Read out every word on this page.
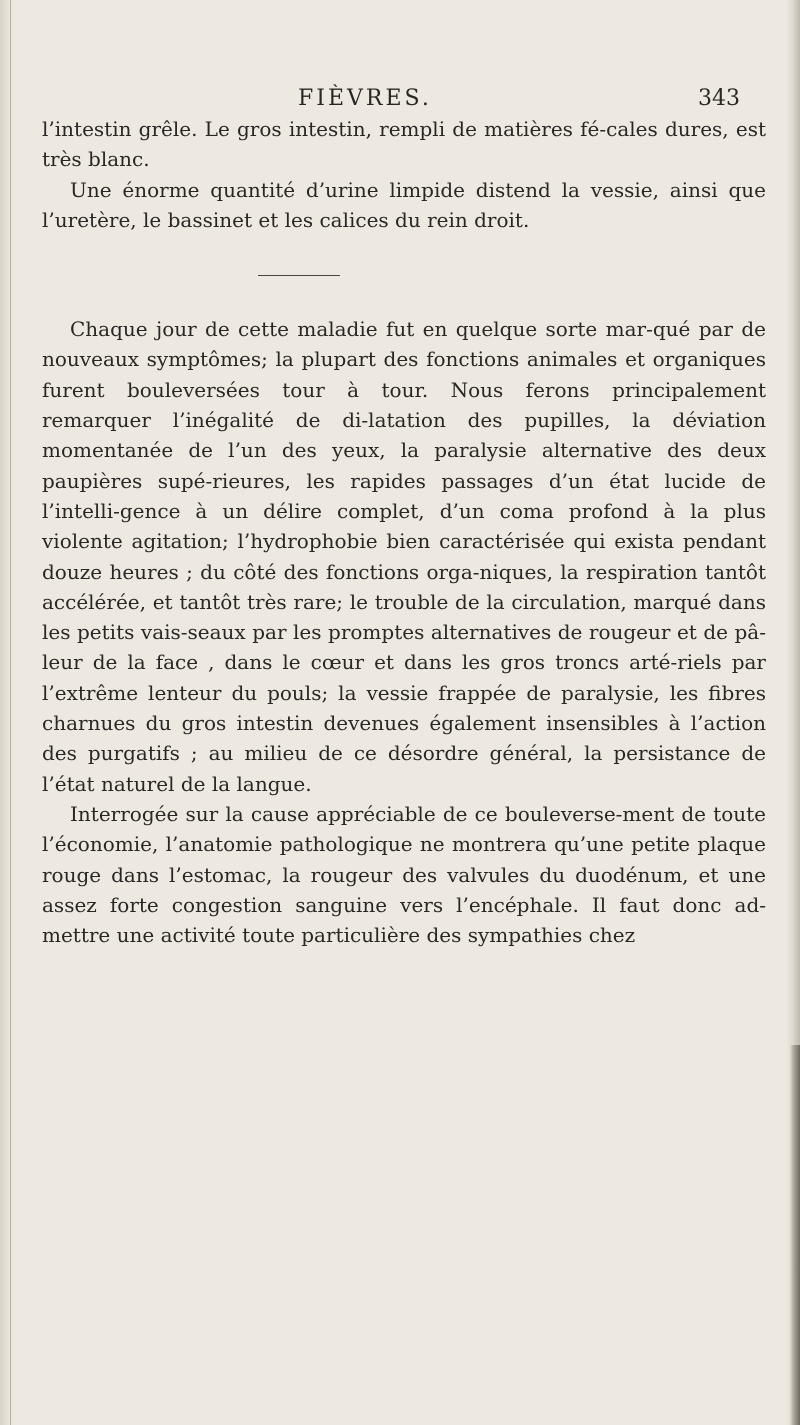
FIÈVRES.	343

l’intestin grêle. Le gros intestin, rempli de matières fé-cales dures, est très blanc.

Une énorme quantité d’urine limpide distend la vessie, ainsi que l’uretère, le bassinet et les calices du rein droit.

Chaque jour de cette maladie fut en quelque sorte mar-qué par de nouveaux symptômes; la plupart des fonctions animales et organiques furent bouleversées tour à tour. Nous ferons principalement remarquer l’inégalité de di-latation des pupilles, la déviation momentanée de l’un des yeux, la paralysie alternative des deux paupières supé-rieures, les rapides passages d’un état lucide de l’intelli-gence à un délire complet, d’un coma profond à la plus violente agitation; l’hydrophobie bien caractérisée qui exista pendant douze heures ; du côté des fonctions orga-niques, la respiration tantôt accélérée, et tantôt très rare; le trouble de la circulation, marqué dans les petits vais-seaux par les promptes alternatives de rougeur et de pâ-leur de la face , dans le cœur et dans les gros troncs arté-riels par l’extrême lenteur du pouls; la vessie frappée de paralysie, les fibres charnues du gros intestin devenues également insensibles à l’action des purgatifs ; au milieu de ce désordre général, la persistance de l’état naturel de la langue.

Interrogée sur la cause appréciable de ce bouleverse-ment de toute l’économie, l’anatomie pathologique ne montrera qu’une petite plaque rouge dans l’estomac, la rougeur des valvules du duodénum, et une assez forte congestion sanguine vers l’encéphale. Il faut donc ad-mettre une activité toute particulière des sympathies chez
